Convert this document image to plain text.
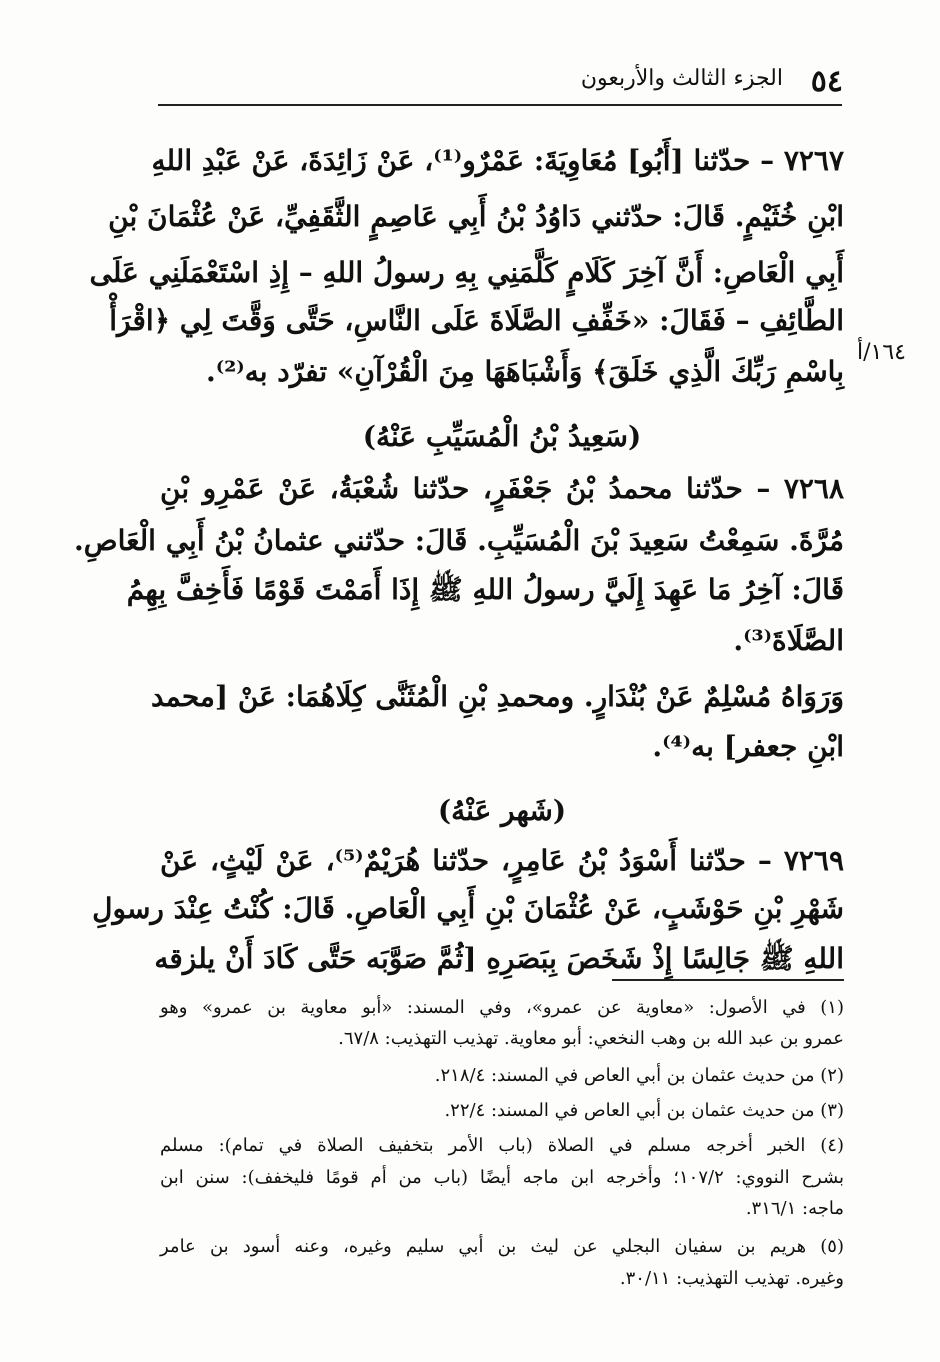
٥٤
الجزء الثالث والأربعون
١٦٤/أ
٧٢٦٧ – حدّثنا [أَبُو] مُعَاوِيَةَ: عَمْرٌو⁽¹⁾، عَنْ زَائِدَةَ، عَنْ عَبْدِ اللهِ
ابْنِ خُثَيْمٍ. قَالَ: حدّثني دَاوُدُ بْنُ أَبِي عَاصِمٍ الثَّقَفِيِّ، عَنْ عُثْمَانَ بْنِ
أَبِي الْعَاصِ: أَنَّ آخِرَ كَلَامٍ كَلَّمَنِي بِهِ رسولُ اللهِ – إِذِ اسْتَعْمَلَنِي عَلَى
الطَّائِفِ – فَقَالَ: «خَفِّفِ الصَّلَاةَ عَلَى النَّاسِ، حَتَّى وَقَّتَ لِي ﴿اقْرَأْ
بِاسْمِ رَبِّكَ الَّذِي خَلَقَ﴾ وَأَشْبَاهَهَا مِنَ الْقُرْآنِ» تفرّد به⁽²⁾.
(سَعِيدُ بْنُ الْمُسَيِّبِ عَنْهُ)
٧٢٦٨ – حدّثنا محمدُ بْنُ جَعْفَرٍ، حدّثنا شُعْبَةُ، عَنْ عَمْرِو بْنِ
مُرَّةَ. سَمِعْتُ سَعِيدَ بْنَ الْمُسَيِّبِ. قَالَ: حدّثني عثمانُ بْنُ أَبِي الْعَاصِ.
قَالَ: آخِرُ مَا عَهِدَ إِلَيَّ رسولُ اللهِ ﷺ إِذَا أَمَمْتَ قَوْمًا فَأَخِفَّ بِهِمُ
الصَّلَاةَ⁽³⁾.
وَرَوَاهُ مُسْلِمٌ عَنْ بُنْدَارٍ. ومحمدِ بْنِ الْمُثَنَّى كِلَاهُمَا: عَنْ [محمد
ابْنِ جعفر] به⁽⁴⁾.
(شَهر عَنْهُ)
٧٢٦٩ – حدّثنا أَسْوَدُ بْنُ عَامِرٍ، حدّثنا هُرَيْمٌ⁽⁵⁾، عَنْ لَيْثٍ، عَنْ
شَهْرِ بْنِ حَوْشَبٍ، عَنْ عُثْمَانَ بْنِ أَبِي الْعَاصِ. قَالَ: كُنْتُ عِنْدَ رسولِ
اللهِ ﷺ جَالِسًا إِذْ شَخَصَ بِبَصَرِهِ [ثُمَّ صَوَّبَه حَتَّى كَادَ أَنْ يلزقه
(١) في الأصول: «معاوية عن عمرو»، وفي المسند: «أبو معاوية بن عمرو» وهو
عمرو بن عبد الله بن وهب النخعي: أبو معاوية. تهذيب التهذيب: ٦٧/٨.
(٢) من حديث عثمان بن أبي العاص في المسند: ٢١٨/٤.
(٣) من حديث عثمان بن أبي العاص في المسند: ٢٢/٤.
(٤) الخبر أخرجه مسلم في الصلاة (باب الأمر بتخفيف الصلاة في تمام): مسلم
بشرح النووي: ١٠٧/٢؛ وأخرجه ابن ماجه أيضًا (باب من أم قومًا فليخفف): سنن ابن
ماجه: ٣١٦/١.
(٥) هريم بن سفيان البجلي عن ليث بن أبي سليم وغيره، وعنه أسود بن عامر
وغيره. تهذيب التهذيب: ٣٠/١١.
